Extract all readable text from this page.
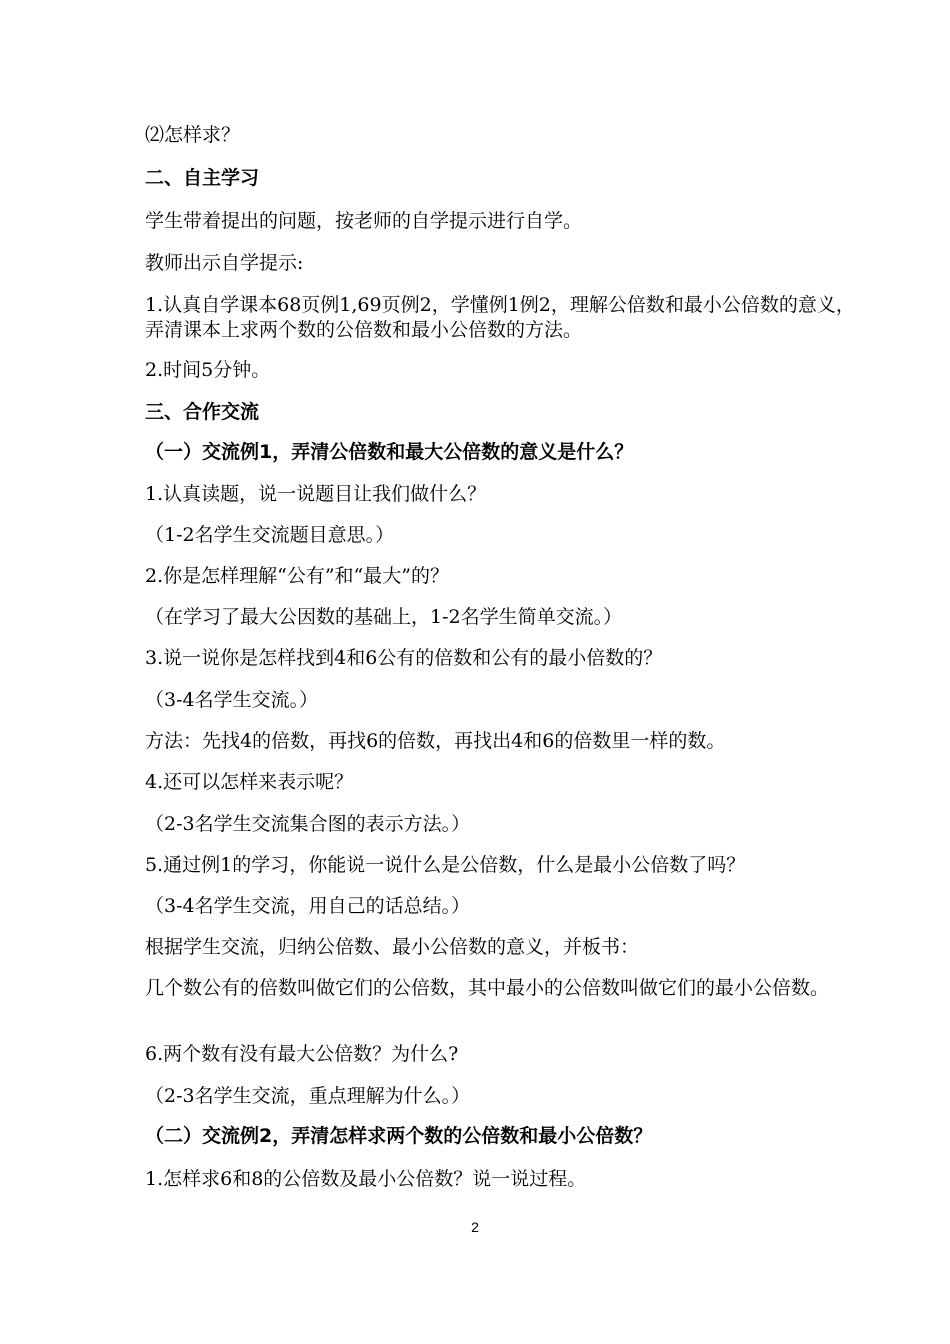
⑵怎样求？
二、自主学习
学生带着提出的问题，按老师的自学提示进行自学。
教师出示自学提示:
1.认真自学课本68页例1,69页例2，学懂例1例2，理解公倍数和最小公倍数的意义，弄清课本上求两个数的公倍数和最小公倍数的方法。
2.时间5分钟。
三、合作交流
（一）交流例1，弄清公倍数和最大公倍数的意义是什么？
1.认真读题，说一说题目让我们做什么？
（1-2名学生交流题目意思。）
2.你是怎样理解“公有”和“最大”的？
（在学习了最大公因数的基础上，1-2名学生简单交流。）
3.说一说你是怎样找到4和6公有的倍数和公有的最小倍数的？
（3-4名学生交流。）
方法：先找4的倍数，再找6的倍数，再找出4和6的倍数里一样的数。
4.还可以怎样来表示呢？
（2-3名学生交流集合图的表示方法。）
5.通过例1的学习，你能说一说什么是公倍数，什么是最小公倍数了吗？
（3-4名学生交流，用自己的话总结。）
根据学生交流，归纳公倍数、最小公倍数的意义，并板书：
几个数公有的倍数叫做它们的公倍数，其中最小的公倍数叫做它们的最小公倍数。
6.两个数有没有最大公倍数？为什么?
（2-3名学生交流，重点理解为什么。）
（二）交流例2，弄清怎样求两个数的公倍数和最小公倍数？
1.怎样求6和8的公倍数及最小公倍数？说一说过程。
2
